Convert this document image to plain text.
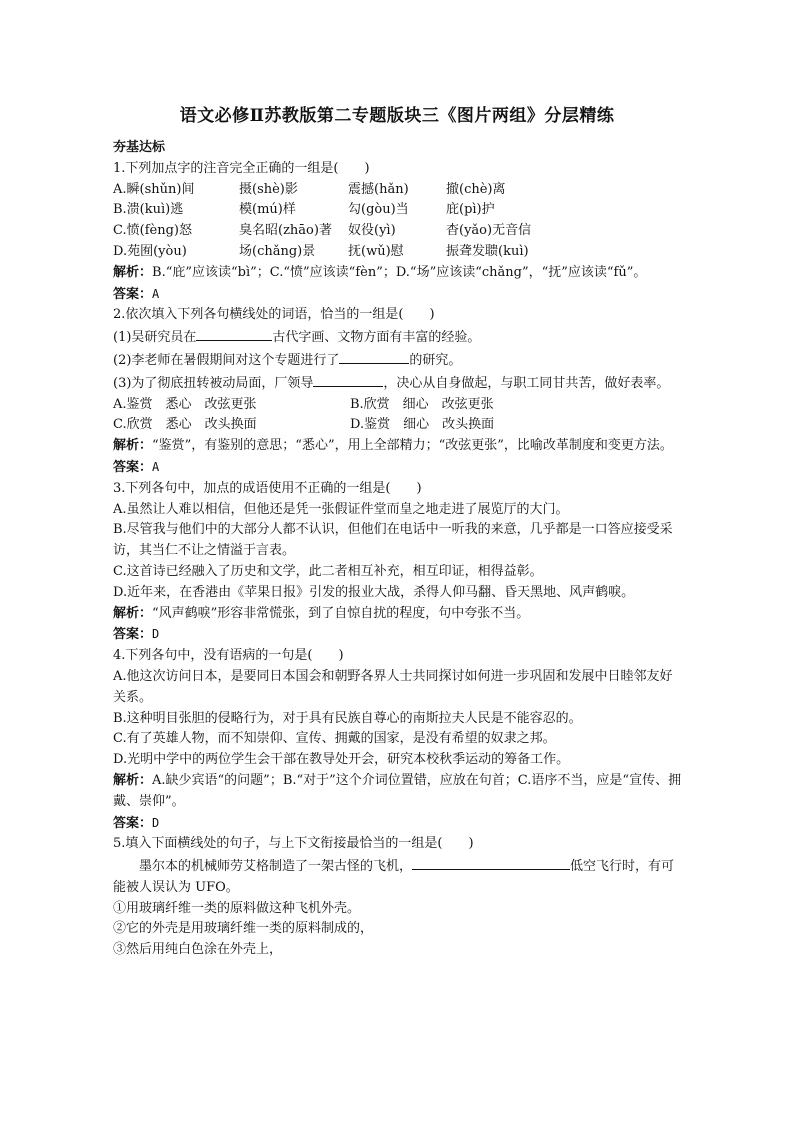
语文必修Ⅱ苏教版第二专题版块三《图片两组》分层精练
夯基达标
1.下列加点字的注音完全正确的一组是(　　)
A.瞬(shǔn)间	摄(shè)影	震撼(hǎn)	撤(chè)离
B.溃(kuì)逃	模(mú)样	勾(gòu)当	庇(pì)护
C.愤(fèng)怒	臭名昭(zhāo)著	奴役(yì)	杳(yǎo)无音信
D.苑囿(yòu)	场(chǎng)景	抚(wǔ)慰	振聋发聩(kuì)
解析：B.“庇”应该读“bì”；C.“愤”应该读“fèn”；D.“场”应该读“chǎng”，“抚”应该读“fǔ”。
答案：A
2.依次填入下列各句横线处的词语，恰当的一组是(　　)
(1)吴研究员在	古代字画、文物方面有丰富的经验。
(2)李老师在暑假期间对这个专题进行了	的研究。
(3)为了彻底扭转被动局面，厂领导	，决心从自身做起，与职工同甘共苦，做好表率。
A.鉴赏　悉心　改弦更张	B.欣赏　细心　改弦更张
C.欣赏　悉心　改头换面	D.鉴赏　细心　改头换面
解析：“鉴赏”，有鉴别的意思；“悉心”，用上全部精力；“改弦更张”，比喻改革制度和变更方法。
答案：A
3.下列各句中，加点的成语使用不正确的一组是(　　)
A.虽然让人难以相信，但他还是凭一张假证件堂而皇之地走进了展览厅的大门。
B.尽管我与他们中的大部分人都不认识，但他们在电话中一听我的来意，几乎都是一口答应接受采访，其当仁不让之情溢于言表。
C.这首诗已经融入了历史和文学，此二者相互补充，相互印证，相得益彰。
D.近年来，在香港由《苹果日报》引发的报业大战，杀得人仰马翻、昏天黑地、风声鹤唳。
解析：“风声鹤唳”形容非常慌张，到了自惊自扰的程度，句中夸张不当。
答案：D
4.下列各句中，没有语病的一句是(　　)
A.他这次访问日本，是要同日本国会和朝野各界人士共同探讨如何进一步巩固和发展中日睦邻友好关系。
B.这种明目张胆的侵略行为，对于具有民族自尊心的南斯拉夫人民是不能容忍的。
C.有了英雄人物，而不知崇仰、宣传、拥戴的国家，是没有希望的奴隶之邦。
D.光明中学中的两位学生会干部在教导处开会，研究本校秋季运动的筹备工作。
解析：A.缺少宾语“的问题”；B.“对于”这个介词位置错，应放在句首；C.语序不当，应是“宣传、拥戴、崇仰”。
答案：D
5.填入下面横线处的句子，与上下文衔接最恰当的一组是(　　)
墨尔本的机械师劳艾格制造了一架古怪的飞机，	低空飞行时，有可能被人误认为 UFO。
①用玻璃纤维一类的原料做这种飞机外壳。
②它的外壳是用玻璃纤维一类的原料制成的，
③然后用纯白色涂在外壳上，
